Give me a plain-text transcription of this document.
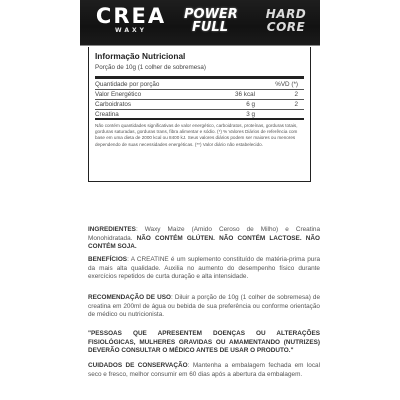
CREA
WAXY
POWER
FULL
HARD
CORE
Informação Nutricional
Porção de 10g (1 colher de sobremesa)
Quantidade por porção	%VD (*)
Valor Energético	36 kcal	2
Carboidratos	6 g	2
Creatina	3 g
Não contém quantidades significativas de valor energético, carboidratos, proteínas, gorduras totais, gorduras saturadas, gorduras trans, fibra alimentar e sódio. (*) % Valores Diários de referência com base em uma dieta de 2000 kcal ou 8400 kJ. Seus valores diários podem ser maiores ou menores dependendo de suas necessidades energéticas. (**) Valor diário não estabelecido.
INGREDIENTES: Waxy Maize (Amido Ceroso de Milho) e Creatina Monohidratada. NÃO CONTÉM GLÚTEN. NÃO CONTÉM LACTOSE. NÃO CONTÉM SOJA.
BENEFÍCIOS: A CREATINE é um suplemento constituído de matéria-prima pura da mais alta qualidade. Auxilia no aumento do desempenho físico durante exercícios repetidos de curta duração e alta intensidade.
RECOMENDAÇÃO DE USO: Diluir a porção de 10g (1 colher de sobremesa) de creatina em 200ml de água ou bebida de sua preferência ou conforme orientação de médico ou nutricionista.
"PESSOAS QUE APRESENTEM DOENÇAS OU ALTERAÇÕES FISIOLÓGICAS, MULHERES GRAVIDAS OU AMAMENTANDO (NUTRIZES) DEVERÃO CONSULTAR O MÉDICO ANTES DE USAR O PRODUTO."
CUIDADOS DE CONSERVAÇÃO: Mantenha a embalagem fechada em local seco e fresco, melhor consumir em 60 dias após a abertura da embalagem.
